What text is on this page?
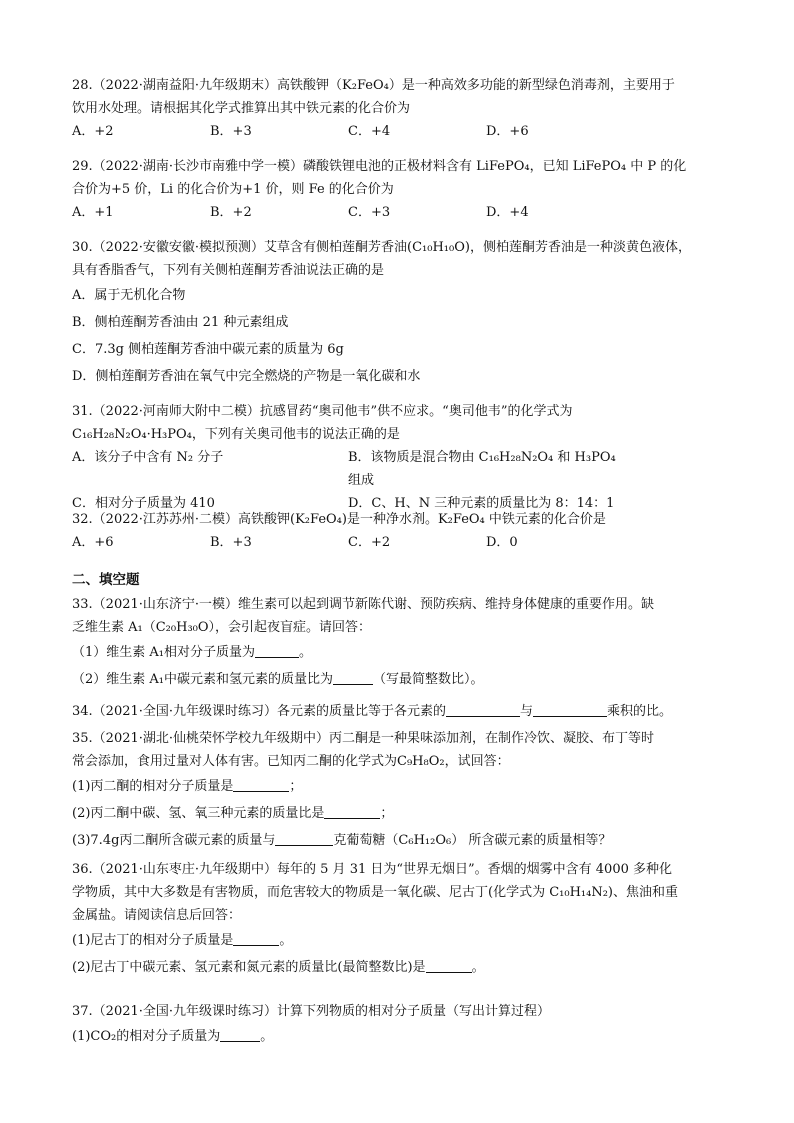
28.（2022·湖南益阳·九年级期末）高铁酸钾（K₂FeO₄）是一种高效多功能的新型绿色消毒剂，主要用于

饮用水处理。请根据其化学式推算出其中铁元素的化合价为

A．+2	B．+3	C．+4	D．+6

29.（2022·湖南·长沙市南雅中学一模）磷酸铁锂电池的正极材料含有 LiFePO₄，已知 LiFePO₄ 中 P 的化

合价为+5 价，Li 的化合价为+1 价，则 Fe 的化合价为

A．+1	B．+2	C．+3	D．+4

30.（2022·安徽安徽·模拟预测）艾草含有侧柏莲酮芳香油(C₁₀H₁₀O)，侧柏莲酮芳香油是一种淡黄色液体，

具有香脂香气，下列有关侧柏莲酮芳香油说法正确的是

A．属于无机化合物

B．侧柏莲酮芳香油由 21 种元素组成

C．7.3g 侧柏莲酮芳香油中碳元素的质量为 6g

D．侧柏莲酮芳香油在氧气中完全燃烧的产物是一氧化碳和水

31.（2022·河南师大附中二模）抗感冒药“奥司他韦”供不应求。“奥司他韦”的化学式为

C₁₆H₂₈N₂O₄·H₃PO₄，下列有关奥司他韦的说法正确的是

A．该分子中含有 N₂ 分子	B．该物质是混合物由 C₁₆H₂₈N₂O₄ 和 H₃PO₄ 组成
C．相对分子质量为 410	D．C、H、N 三种元素的质量比为 8：14：1

32.（2022·江苏苏州·二模）高铁酸钾(K₂FeO₄)是一种净水剂。K₂FeO₄ 中铁元素的化合价是

A．+6	B．+3	C．+2	D．0
二、填空题

33.（2021·山东济宁·一模）维生素可以起到调节新陈代谢、预防疾病、维持身体健康的重要作用。缺

乏维生素 A₁（C₂₀H₃₀O），会引起夜盲症。请回答：

（1）维生素 A₁相对分子质量为	。

（2）维生素 A₁中碳元素和氢元素的质量比为	（写最简整数比）。

34.（2021·全国·九年级课时练习）各元素的质量比等于各元素的	与	乘积的比。

35.（2021·湖北·仙桃荣怀学校九年级期中）丙二酮是一种果味添加剂，在制作冷饮、凝胶、布丁等时

常会添加，食用过量对人体有害。已知丙二酮的化学式为C₉H₈O₂，试回答：

(1)丙二酮的相对分子质量是	；

(2)丙二酮中碳、氢、氧三种元素的质量比是	；

(3)7.4g丙二酮所含碳元素的质量与	克葡萄糖（C₆H₁₂O₆） 所含碳元素的质量相等？

36.（2021·山东枣庄·九年级期中）每年的 5 月 31 日为“世界无烟日”。香烟的烟雾中含有 4000 多种化

学物质，其中大多数是有害物质，而危害较大的物质是一氧化碳、尼古丁(化学式为 C₁₀H₁₄N₂)、焦油和重

金属盐。请阅读信息后回答：

(1)尼古丁的相对分子质量是	。

(2)尼古丁中碳元素、氢元素和氮元素的质量比(最简整数比)是	。

37.（2021·全国·九年级课时练习）计算下列物质的相对分子质量（写出计算过程）

(1)CO₂的相对分子质量为	。
